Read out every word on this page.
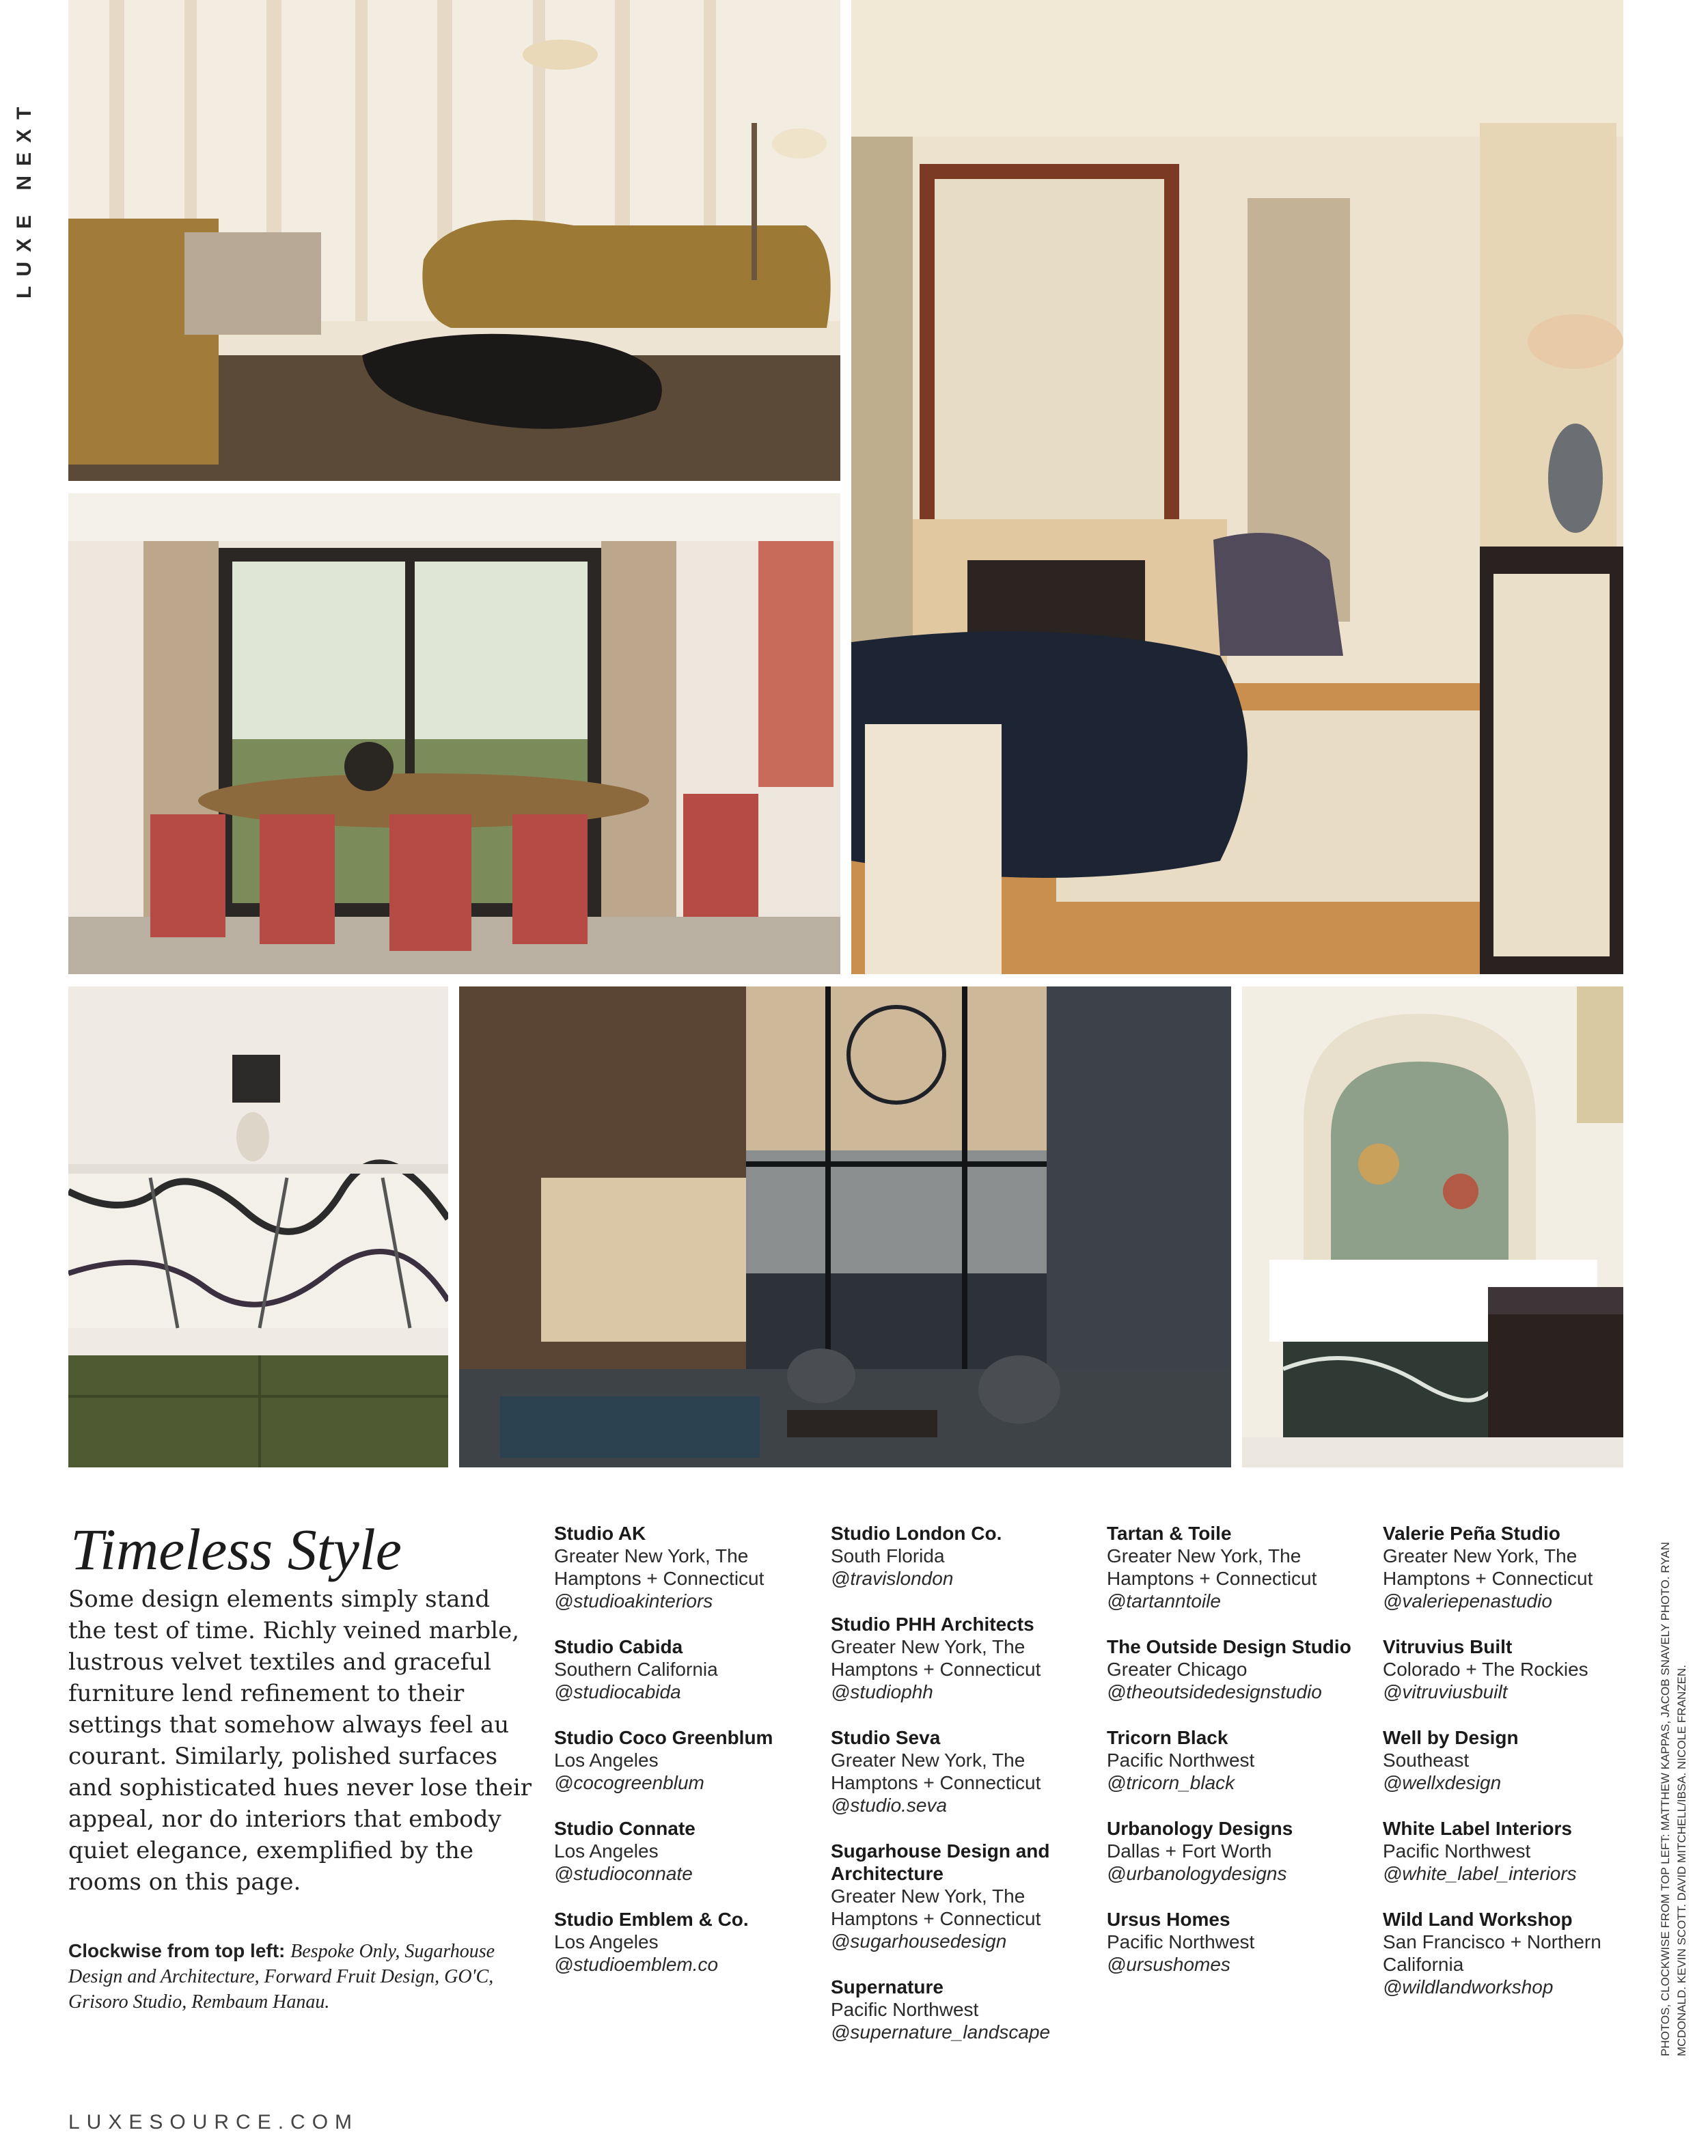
LUXE NEXT
Timeless Style

Some design elements simply stand the test of time. Richly veined marble, lustrous velvet textiles and graceful furniture lend refinement to their settings that somehow always feel au courant. Similarly, polished surfaces and sophisticated hues never lose their appeal, nor do interiors that embody quiet elegance, exemplified by the rooms on this page.

Clockwise from top left: Bespoke Only, Sugarhouse Design and Architecture, Forward Fruit Design, GO'C, Grisoro Studio, Rembaum Hanau.

Studio AK
Greater New York, The Hamptons + Connecticut
@studioakinteriors
Studio Cabida
Southern California
@studiocabida
Studio Coco Greenblum
Los Angeles
@cocogreenblum
Studio Connate
Los Angeles
@studioconnate
Studio Emblem & Co.
Los Angeles
@studioemblem.co
Studio London Co.
South Florida
@travislondon
Studio PHH Architects
Greater New York, The Hamptons + Connecticut
@studiophh
Studio Seva
Greater New York, The Hamptons + Connecticut
@studio.seva
Sugarhouse Design and Architecture
Greater New York, The Hamptons + Connecticut
@sugarhousedesign
Supernature
Pacific Northwest
@supernature_landscape
Tartan & Toile
Greater New York, The Hamptons + Connecticut
@tartanntoile
The Outside Design Studio
Greater Chicago
@theoutsidedesignstudio
Tricorn Black
Pacific Northwest
@tricorn_black
Urbanology Designs
Dallas + Fort Worth
@urbanologydesigns
Ursus Homes
Pacific Northwest
@ursushomes
Valerie Peña Studio
Greater New York, The Hamptons + Connecticut
@valeriepenastudio
Vitruvius Built
Colorado + The Rockies
@vitruviusbuilt
Well by Design
Southeast
@wellxdesign
White Label Interiors
Pacific Northwest
@white_label_interiors
Wild Land Workshop
San Francisco + Northern California
@wildlandworkshop

LUXESOURCE.COM

PHOTOS, CLOCKWISE FROM TOP LEFT: MATTHEW KAPPAS, JACOB SNAVELY PHOTO. RYAN MCDONALD. KEVIN SCOTT. DAVID MITCHELL/IBSA. NICOLE FRANZEN.
